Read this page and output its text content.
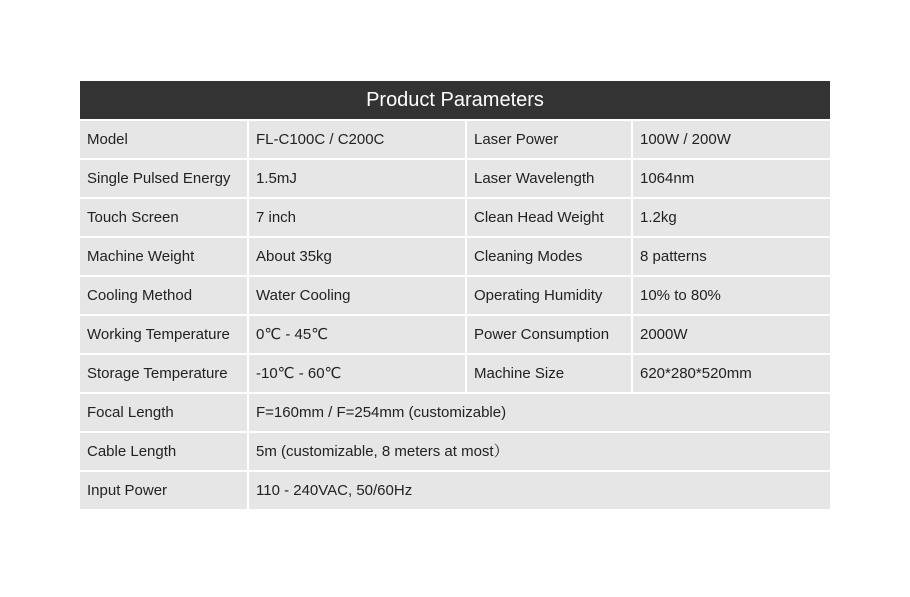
Product Parameters
Model	FL-C100C / C200C	Laser Power	100W / 200W
Single Pulsed Energy	1.5mJ	Laser Wavelength	1064nm
Touch Screen	7 inch	Clean Head Weight	1.2kg
Machine Weight	About 35kg	Cleaning Modes	8 patterns
Cooling Method	Water Cooling	Operating Humidity	10% to 80%
Working Temperature	0℃ - 45℃	Power Consumption	2000W
Storage Temperature	-10℃ - 60℃	Machine Size	620*280*520mm
Focal Length	F=160mm / F=254mm (customizable)
Cable Length	5m (customizable, 8 meters at most）
Input Power	110 - 240VAC, 50/60Hz
